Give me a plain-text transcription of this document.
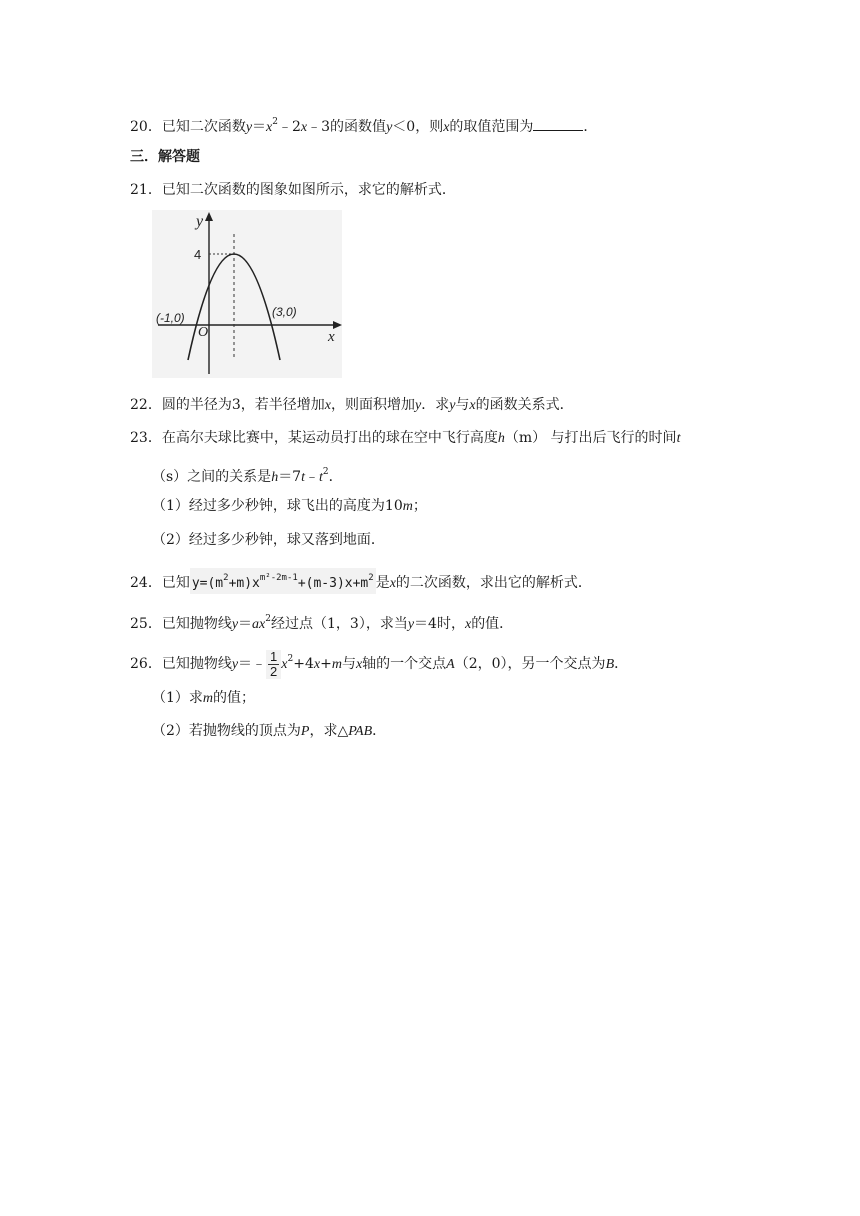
20．已知二次函数$y=x^2﹣2x﹣3$的函数值y＜0，则x的取值范围为	．
三．解答题
21．已知二次函数的图象如图所示，求它的解析式．
y
x
O
4
(-1,0)	(3,0)
22．圆的半径为3，若半径增加x，则面积增加y．求y与x的函数关系式．
23．在高尔夫球比赛中，某运动员打出的球在空中飞行高度h（m） 与打出后飞行的时间t
（s）之间的关系是$h=7t﹣t^2$．
（1）经过多少秒钟，球飞出的高度为10m；
（2）经过多少秒钟，球又落到地面．
24．已知 $y=(m^2+m)x^{m^2-2m-1}+(m-3)x+m^2$ 是x的二次函数，求出它的解析式．
25．已知抛物线$y=ax^2$经过点（1，3），求当y＝4时，x的值．
26．已知抛物线y＝﹣ $\frac{1}{2} x^2+4x+m$与x轴的一个交点A（2，0），另一个交点为B．
（1）求m的值；
（2）若抛物线的顶点为P，求△PAB．
